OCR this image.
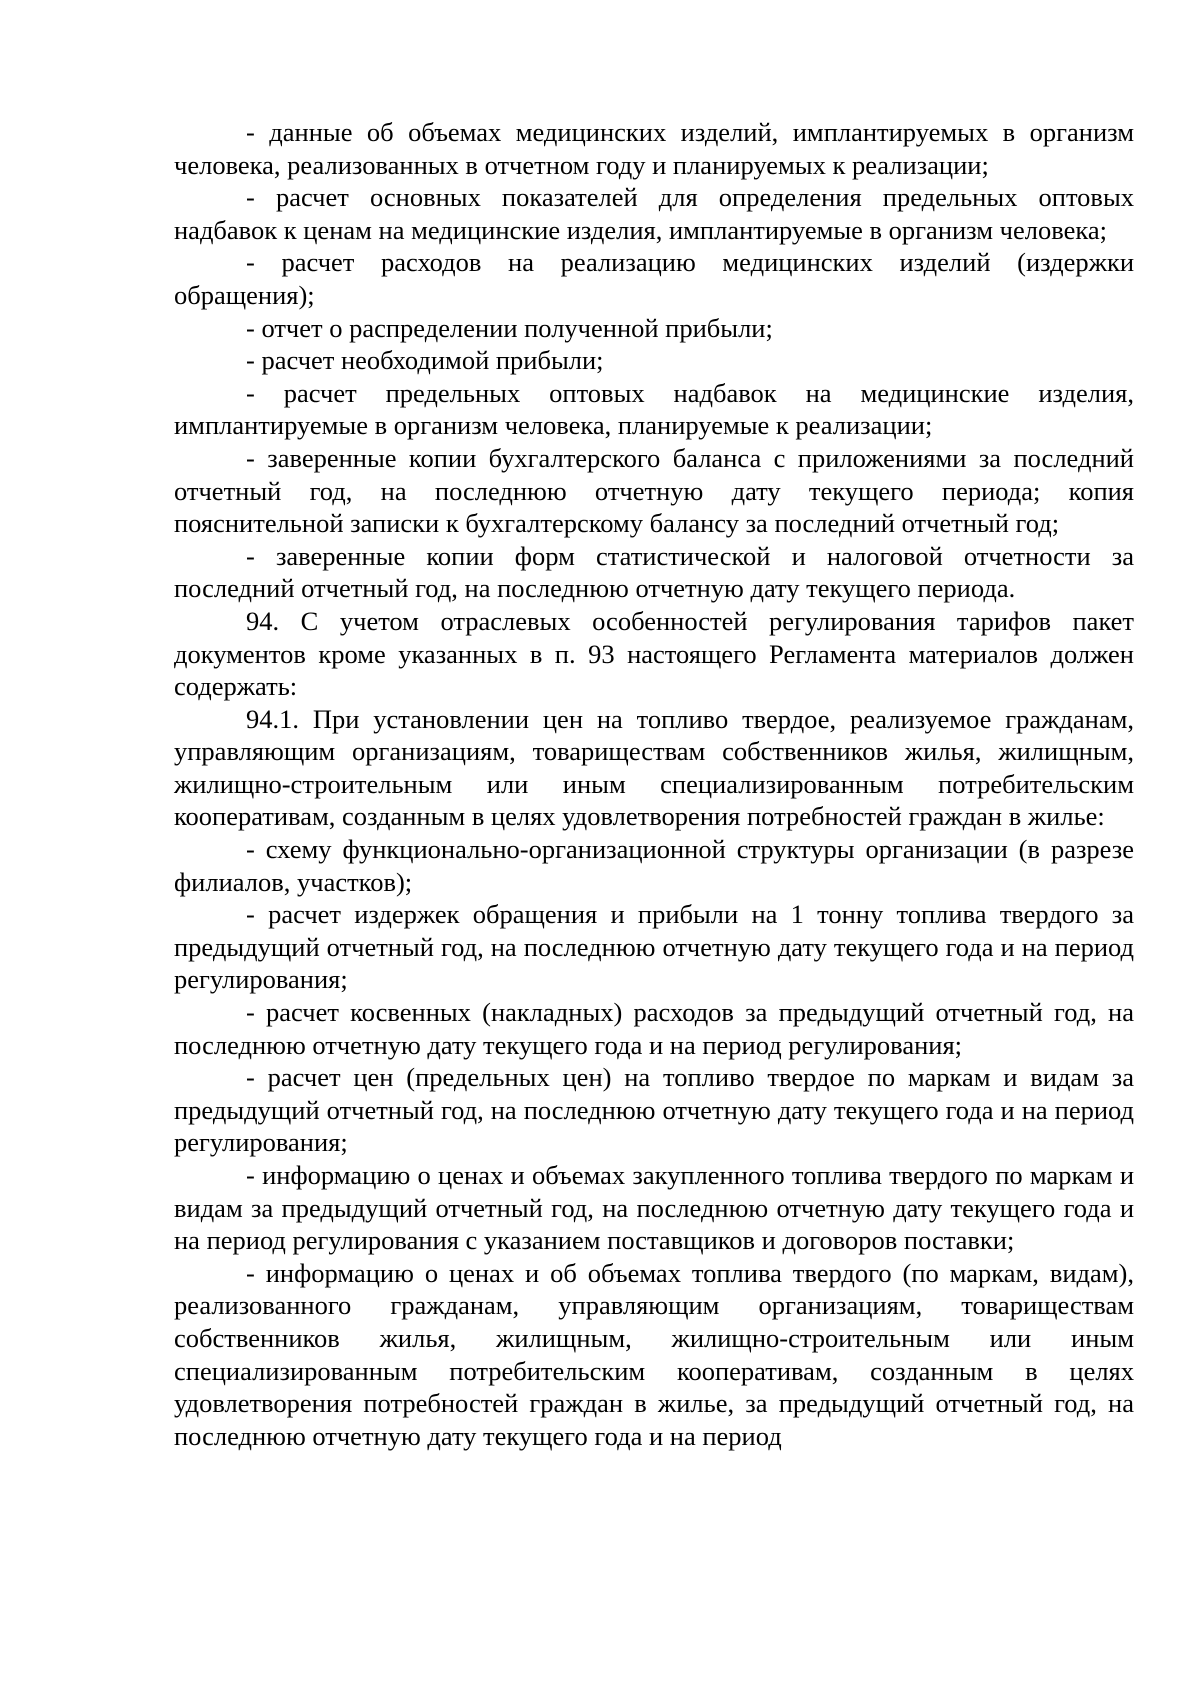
- данные об объемах медицинских изделий, имплантируемых в организм человека, реализованных в отчетном году и планируемых к реализации;

- расчет основных показателей для определения предельных оптовых надбавок к ценам на медицинские изделия, имплантируемые в организм человека;

- расчет расходов на реализацию медицинских изделий (издержки обращения);

- отчет о распределении полученной прибыли;

- расчет необходимой прибыли;

- расчет предельных оптовых надбавок на медицинские изделия, имплантируемые в организм человека, планируемые к реализации;

- заверенные копии бухгалтерского баланса с приложениями за последний отчетный год, на последнюю отчетную дату текущего периода; копия пояснительной записки к бухгалтерскому балансу за последний отчетный год;

- заверенные копии форм статистической и налоговой отчетности за последний отчетный год, на последнюю отчетную дату текущего периода.

94. С учетом отраслевых особенностей регулирования тарифов пакет документов кроме указанных в п. 93 настоящего Регламента материалов должен содержать:

94.1. При установлении цен на топливо твердое, реализуемое гражданам, управляющим организациям, товариществам собственников жилья, жилищным, жилищно-строительным или иным специализированным потребительским кооперативам, созданным в целях удовлетворения потребностей граждан в жилье:

- схему функционально-организационной структуры организации (в разрезе филиалов, участков);

- расчет издержек обращения и прибыли на 1 тонну топлива твердого за предыдущий отчетный год, на последнюю отчетную дату текущего года и на период регулирования;

- расчет косвенных (накладных) расходов за предыдущий отчетный год, на последнюю отчетную дату текущего года и на период регулирования;

- расчет цен (предельных цен) на топливо твердое по маркам и видам за предыдущий отчетный год, на последнюю отчетную дату текущего года и на период регулирования;

- информацию о ценах и объемах закупленного топлива твердого по маркам и видам за предыдущий отчетный год, на последнюю отчетную дату текущего года и на период регулирования с указанием поставщиков и договоров поставки;

- информацию о ценах и об объемах топлива твердого (по маркам, видам), реализованного гражданам, управляющим организациям, товариществам собственников жилья, жилищным, жилищно-строительным или иным специализированным потребительским кооперативам, созданным в целях удовлетворения потребностей граждан в жилье, за предыдущий отчетный год, на последнюю отчетную дату текущего года и на период
